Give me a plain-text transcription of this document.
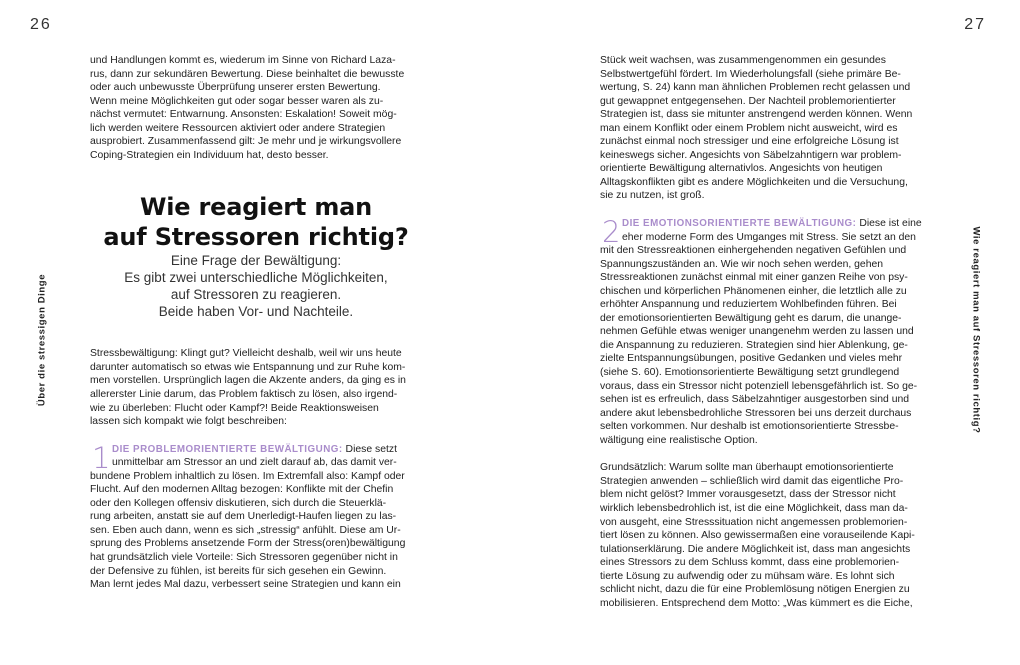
26	27
Über die stressigen Dinge	Wie reagiert man auf Stressoren richtig?

und Handlungen kommt es, wiederum im Sinne von Richard Laza-
rus, dann zur sekundären Bewertung. Diese beinhaltet die bewusste
oder auch unbewusste Überprüfung unserer ersten Bewertung.
Wenn meine Möglichkeiten gut oder sogar besser waren als zu-
nächst vermutet: Entwarnung. Ansonsten: Eskalation! Soweit mög-
lich werden weitere Ressourcen aktiviert oder andere Strategien
ausprobiert. Zusammenfassend gilt: Je mehr und je wirkungsvollere
Coping-Strategien ein Individuum hat, desto besser.

Wie reagiert man
auf Stressoren richtig?

Eine Frage der Bewältigung:
Es gibt zwei unterschiedliche Möglichkeiten,
auf Stressoren zu reagieren.
Beide haben Vor- und Nachteile.

Stressbewältigung: Klingt gut? Vielleicht deshalb, weil wir uns heute
darunter automatisch so etwas wie Entspannung und zur Ruhe kom-
men vorstellen. Ursprünglich lagen die Akzente anders, da ging es in
allererster Linie darum, das Problem faktisch zu lösen, also irgend-
wie zu überleben: Flucht oder Kampf?! Beide Reaktionsweisen
lassen sich kompakt wie folgt beschreiben:

1 DIE PROBLEMORIENTIERTE BEWÄLTIGUNG: Diese setzt
unmittelbar am Stressor an und zielt darauf ab, das damit ver-
bundene Problem inhaltlich zu lösen. Im Extremfall also: Kampf oder
Flucht. Auf den modernen Alltag bezogen: Konflikte mit der Chefin
oder den Kollegen offensiv diskutieren, sich durch die Steuerklä-
rung arbeiten, anstatt sie auf dem Unerledigt-Haufen liegen zu las-
sen. Eben auch dann, wenn es sich „stressig“ anfühlt. Diese am Ur-
sprung des Problems ansetzende Form der Stress(oren)bewältigung
hat grundsätzlich viele Vorteile: Sich Stressoren gegenüber nicht in
der Defensive zu fühlen, ist bereits für sich gesehen ein Gewinn.
Man lernt jedes Mal dazu, verbessert seine Strategien und kann ein

Stück weit wachsen, was zusammengenommen ein gesundes
Selbstwertgefühl fördert. Im Wiederholungsfall (siehe primäre Be-
wertung, S. 24) kann man ähnlichen Problemen recht gelassen und
gut gewappnet entgegensehen. Der Nachteil problemorientierter
Strategien ist, dass sie mitunter anstrengend werden können. Wenn
man einem Konflikt oder einem Problem nicht ausweicht, wird es
zunächst einmal noch stressiger und eine erfolgreiche Lösung ist
keineswegs sicher. Angesichts von Säbelzahntigern war problem-
orientierte Bewältigung alternativlos. Angesichts von heutigen
Alltagskonflikten gibt es andere Möglichkeiten und die Versuchung,
sie zu nutzen, ist groß.

2 DIE EMOTIONSORIENTIERTE BEWÄLTIGUNG: Diese ist eine
eher moderne Form des Umganges mit Stress. Sie setzt an den
mit den Stressreaktionen einhergehenden negativen Gefühlen und
Spannungszuständen an. Wie wir noch sehen werden, gehen
Stressreaktionen zunächst einmal mit einer ganzen Reihe von psy-
chischen und körperlichen Phänomenen einher, die letztlich alle zu
erhöhter Anspannung und reduziertem Wohlbefinden führen. Bei
der emotionsorientierten Bewältigung geht es darum, die unange-
nehmen Gefühle etwas weniger unangenehm werden zu lassen und
die Anspannung zu reduzieren. Strategien sind hier Ablenkung, ge-
zielte Entspannungsübungen, positive Gedanken und vieles mehr
(siehe S. 60). Emotionsorientierte Bewältigung setzt grundlegend
voraus, dass ein Stressor nicht potenziell lebensgefährlich ist. So ge-
sehen ist es erfreulich, dass Säbelzahntiger ausgestorben sind und
andere akut lebensbedrohliche Stressoren bei uns derzeit durchaus
selten vorkommen. Nur deshalb ist emotionsorientierte Stressbe-
wältigung eine realistische Option.

Grundsätzlich: Warum sollte man überhaupt emotionsorientierte
Strategien anwenden – schließlich wird damit das eigentliche Pro-
blem nicht gelöst? Immer vorausgesetzt, dass der Stressor nicht
wirklich lebensbedrohlich ist, ist die eine Möglichkeit, dass man da-
von ausgeht, eine Stresssituation nicht angemessen problemorien-
tiert lösen zu können. Also gewissermaßen eine vorauseilende Kapi-
tulationserklärung. Die andere Möglichkeit ist, dass man angesichts
eines Stressors zu dem Schluss kommt, dass eine problemorien-
tierte Lösung zu aufwendig oder zu mühsam wäre. Es lohnt sich
schlicht nicht, dazu die für eine Problemlösung nötigen Energien zu
mobilisieren. Entsprechend dem Motto: „Was kümmert es die Eiche,
